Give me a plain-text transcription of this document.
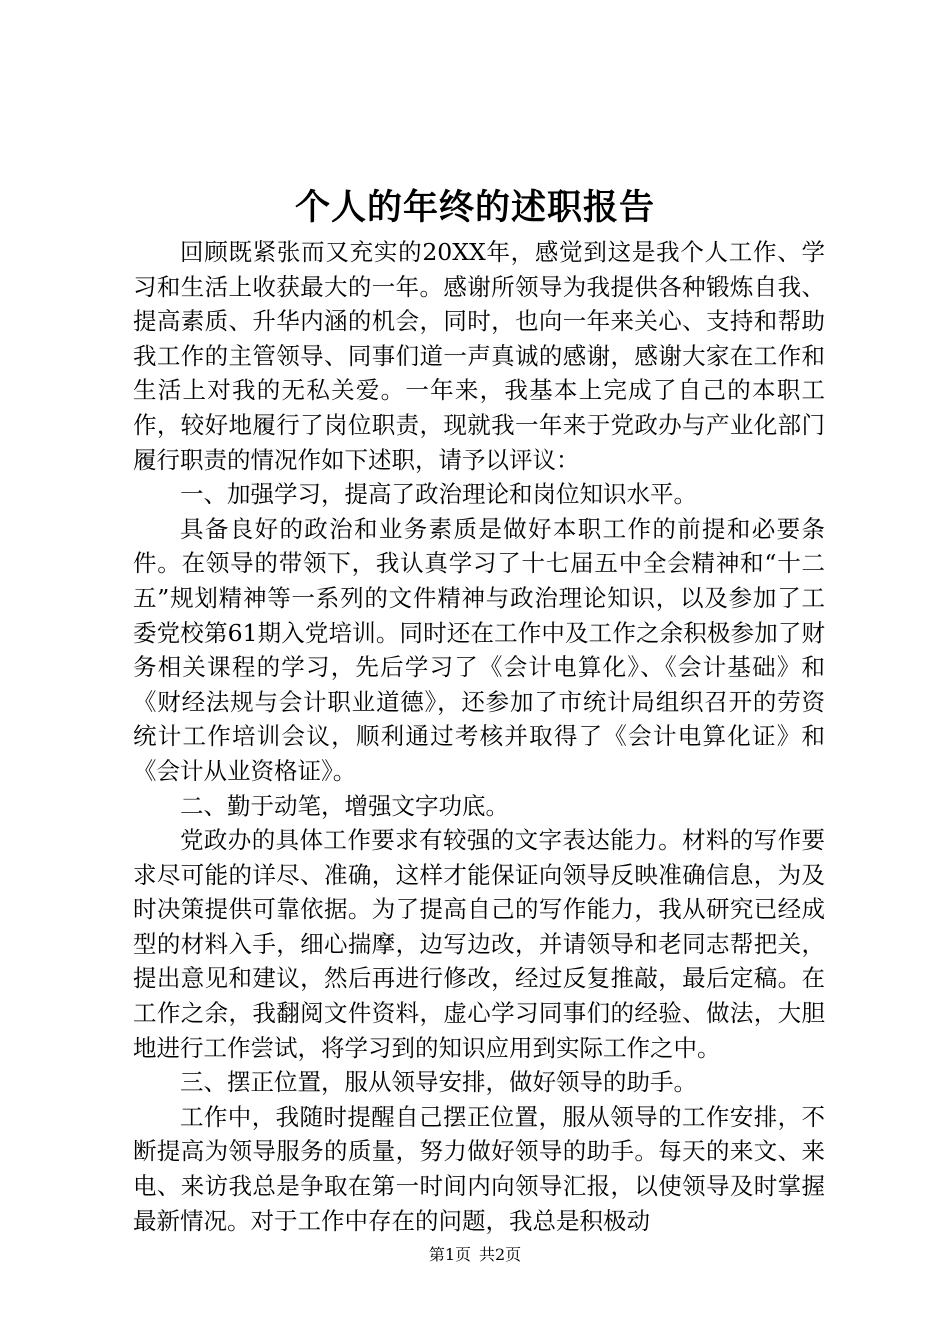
个人的年终的述职报告

回顾既紧张而又充实的20XX年，感觉到这是我个人工作、学习和生活上收获最大的一年。感谢所领导为我提供各种锻炼自我、提高素质、升华内涵的机会，同时，也向一年来关心、支持和帮助我工作的主管领导、同事们道一声真诚的感谢，感谢大家在工作和生活上对我的无私关爱。一年来，我基本上完成了自己的本职工作，较好地履行了岗位职责，现就我一年来于党政办与产业化部门履行职责的情况作如下述职，请予以评议：

一、加强学习，提高了政治理论和岗位知识水平。

具备良好的政治和业务素质是做好本职工作的前提和必要条件。在领导的带领下，我认真学习了十七届五中全会精神和“十二五”规划精神等一系列的文件精神与政治理论知识，以及参加了工委党校第61期入党培训。同时还在工作中及工作之余积极参加了财务相关课程的学习，先后学习了《会计电算化》、《会计基础》和《财经法规与会计职业道德》，还参加了市统计局组织召开的劳资统计工作培训会议，顺利通过考核并取得了《会计电算化证》和《会计从业资格证》。

二、勤于动笔，增强文字功底。

党政办的具体工作要求有较强的文字表达能力。材料的写作要求尽可能的详尽、准确，这样才能保证向领导反映准确信息，为及时决策提供可靠依据。为了提高自己的写作能力，我从研究已经成型的材料入手，细心揣摩，边写边改，并请领导和老同志帮把关，提出意见和建议，然后再进行修改，经过反复推敲，最后定稿。在工作之余，我翻阅文件资料，虚心学习同事们的经验、做法，大胆地进行工作尝试，将学习到的知识应用到实际工作之中。

三、摆正位置，服从领导安排，做好领导的助手。

工作中，我随时提醒自己摆正位置，服从领导的工作安排，不断提高为领导服务的质量，努力做好领导的助手。每天的来文、来电、来访我总是争取在第一时间内向领导汇报，以使领导及时掌握最新情况。对于工作中存在的问题，我总是积极动

第1页 共2页
